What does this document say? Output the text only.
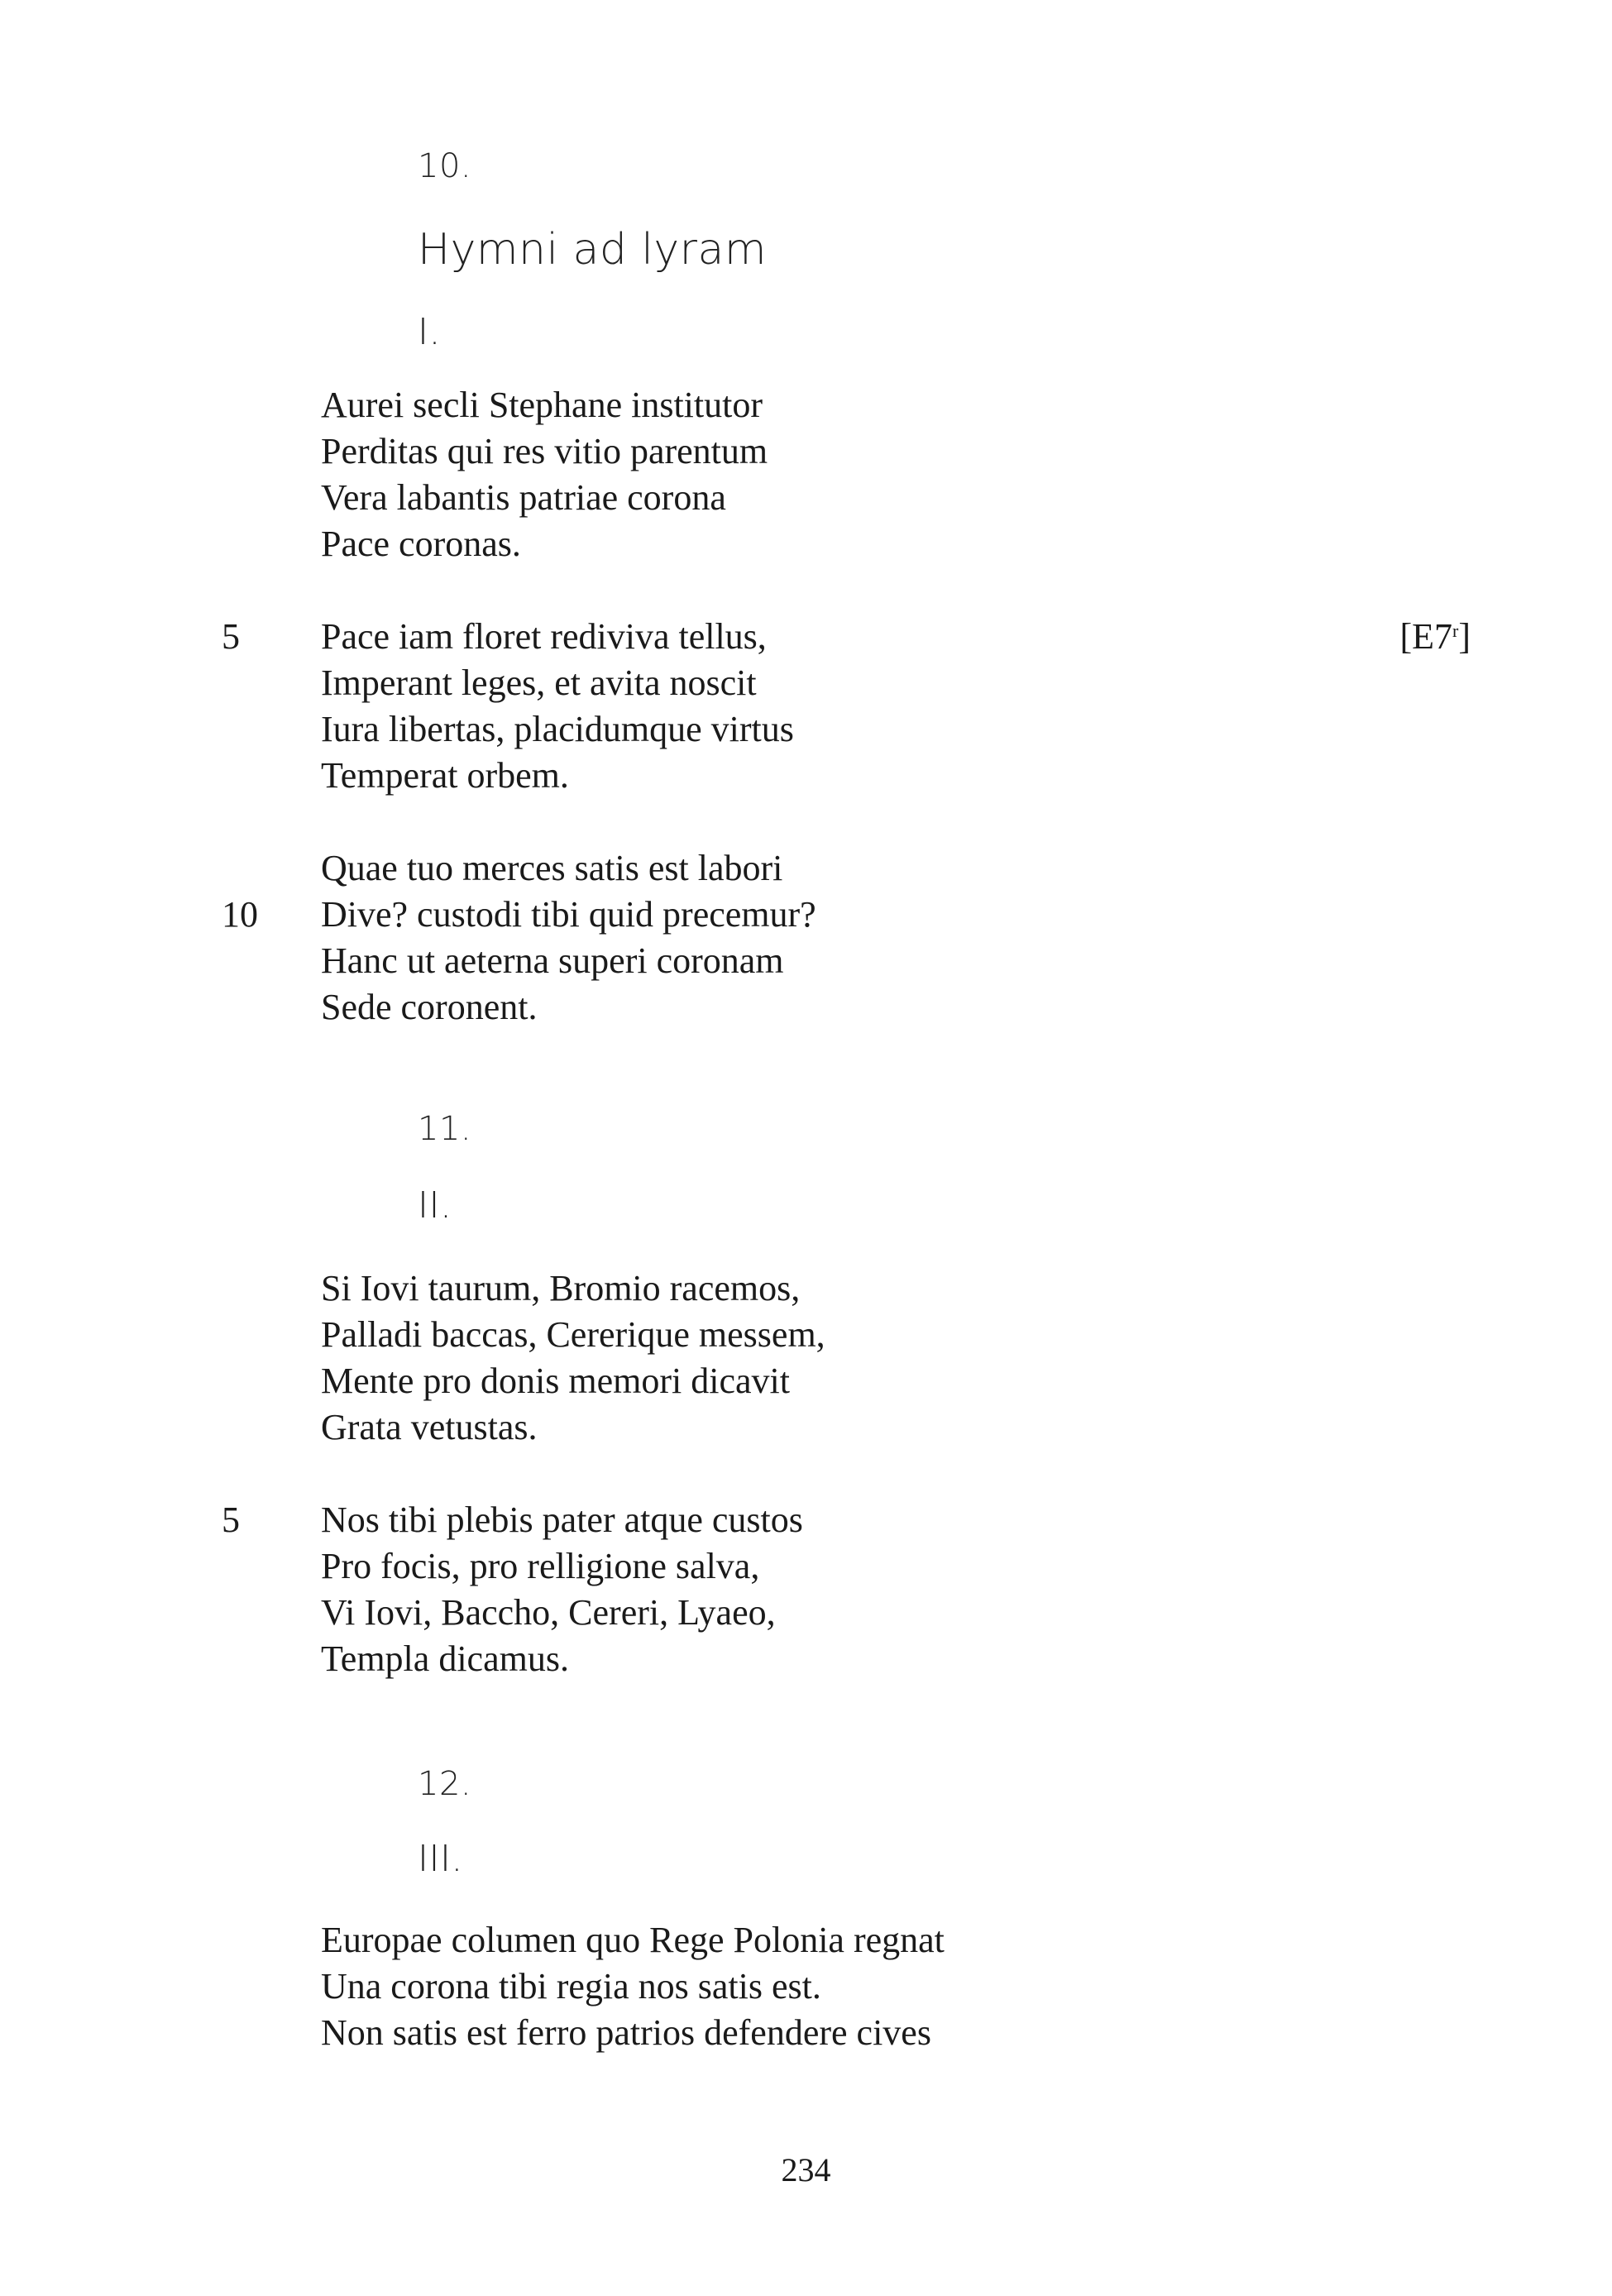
10.
Hymni ad lyram
I.
Aurei secli Stephane institutor
Perditas qui res vitio parentum
Vera labantis patriae corona
Pace coronas.
5	[E7$^r$]
Pace iam floret rediviva tellus,
Imperant leges, et avita noscit
Iura libertas, placidumque virtus
Temperat orbem.
10
Quae tuo merces satis est labori
Dive? custodi tibi quid precemur?
Hanc ut aeterna superi coronam
Sede coronent.
11.
II.
Si Iovi taurum, Bromio racemos,
Palladi baccas, Cererique messem,
Mente pro donis memori dicavit
Grata vetustas.
5 Nos tibi plebis pater atque custos
Pro focis, pro relligione salva,
Vi Iovi, Baccho, Cereri, Lyaeo,
Templa dicamus.
12.
III.
Europae columen quo Rege Polonia regnat
Una corona tibi regia nos satis est.
Non satis est ferro patrios defendere cives
234
